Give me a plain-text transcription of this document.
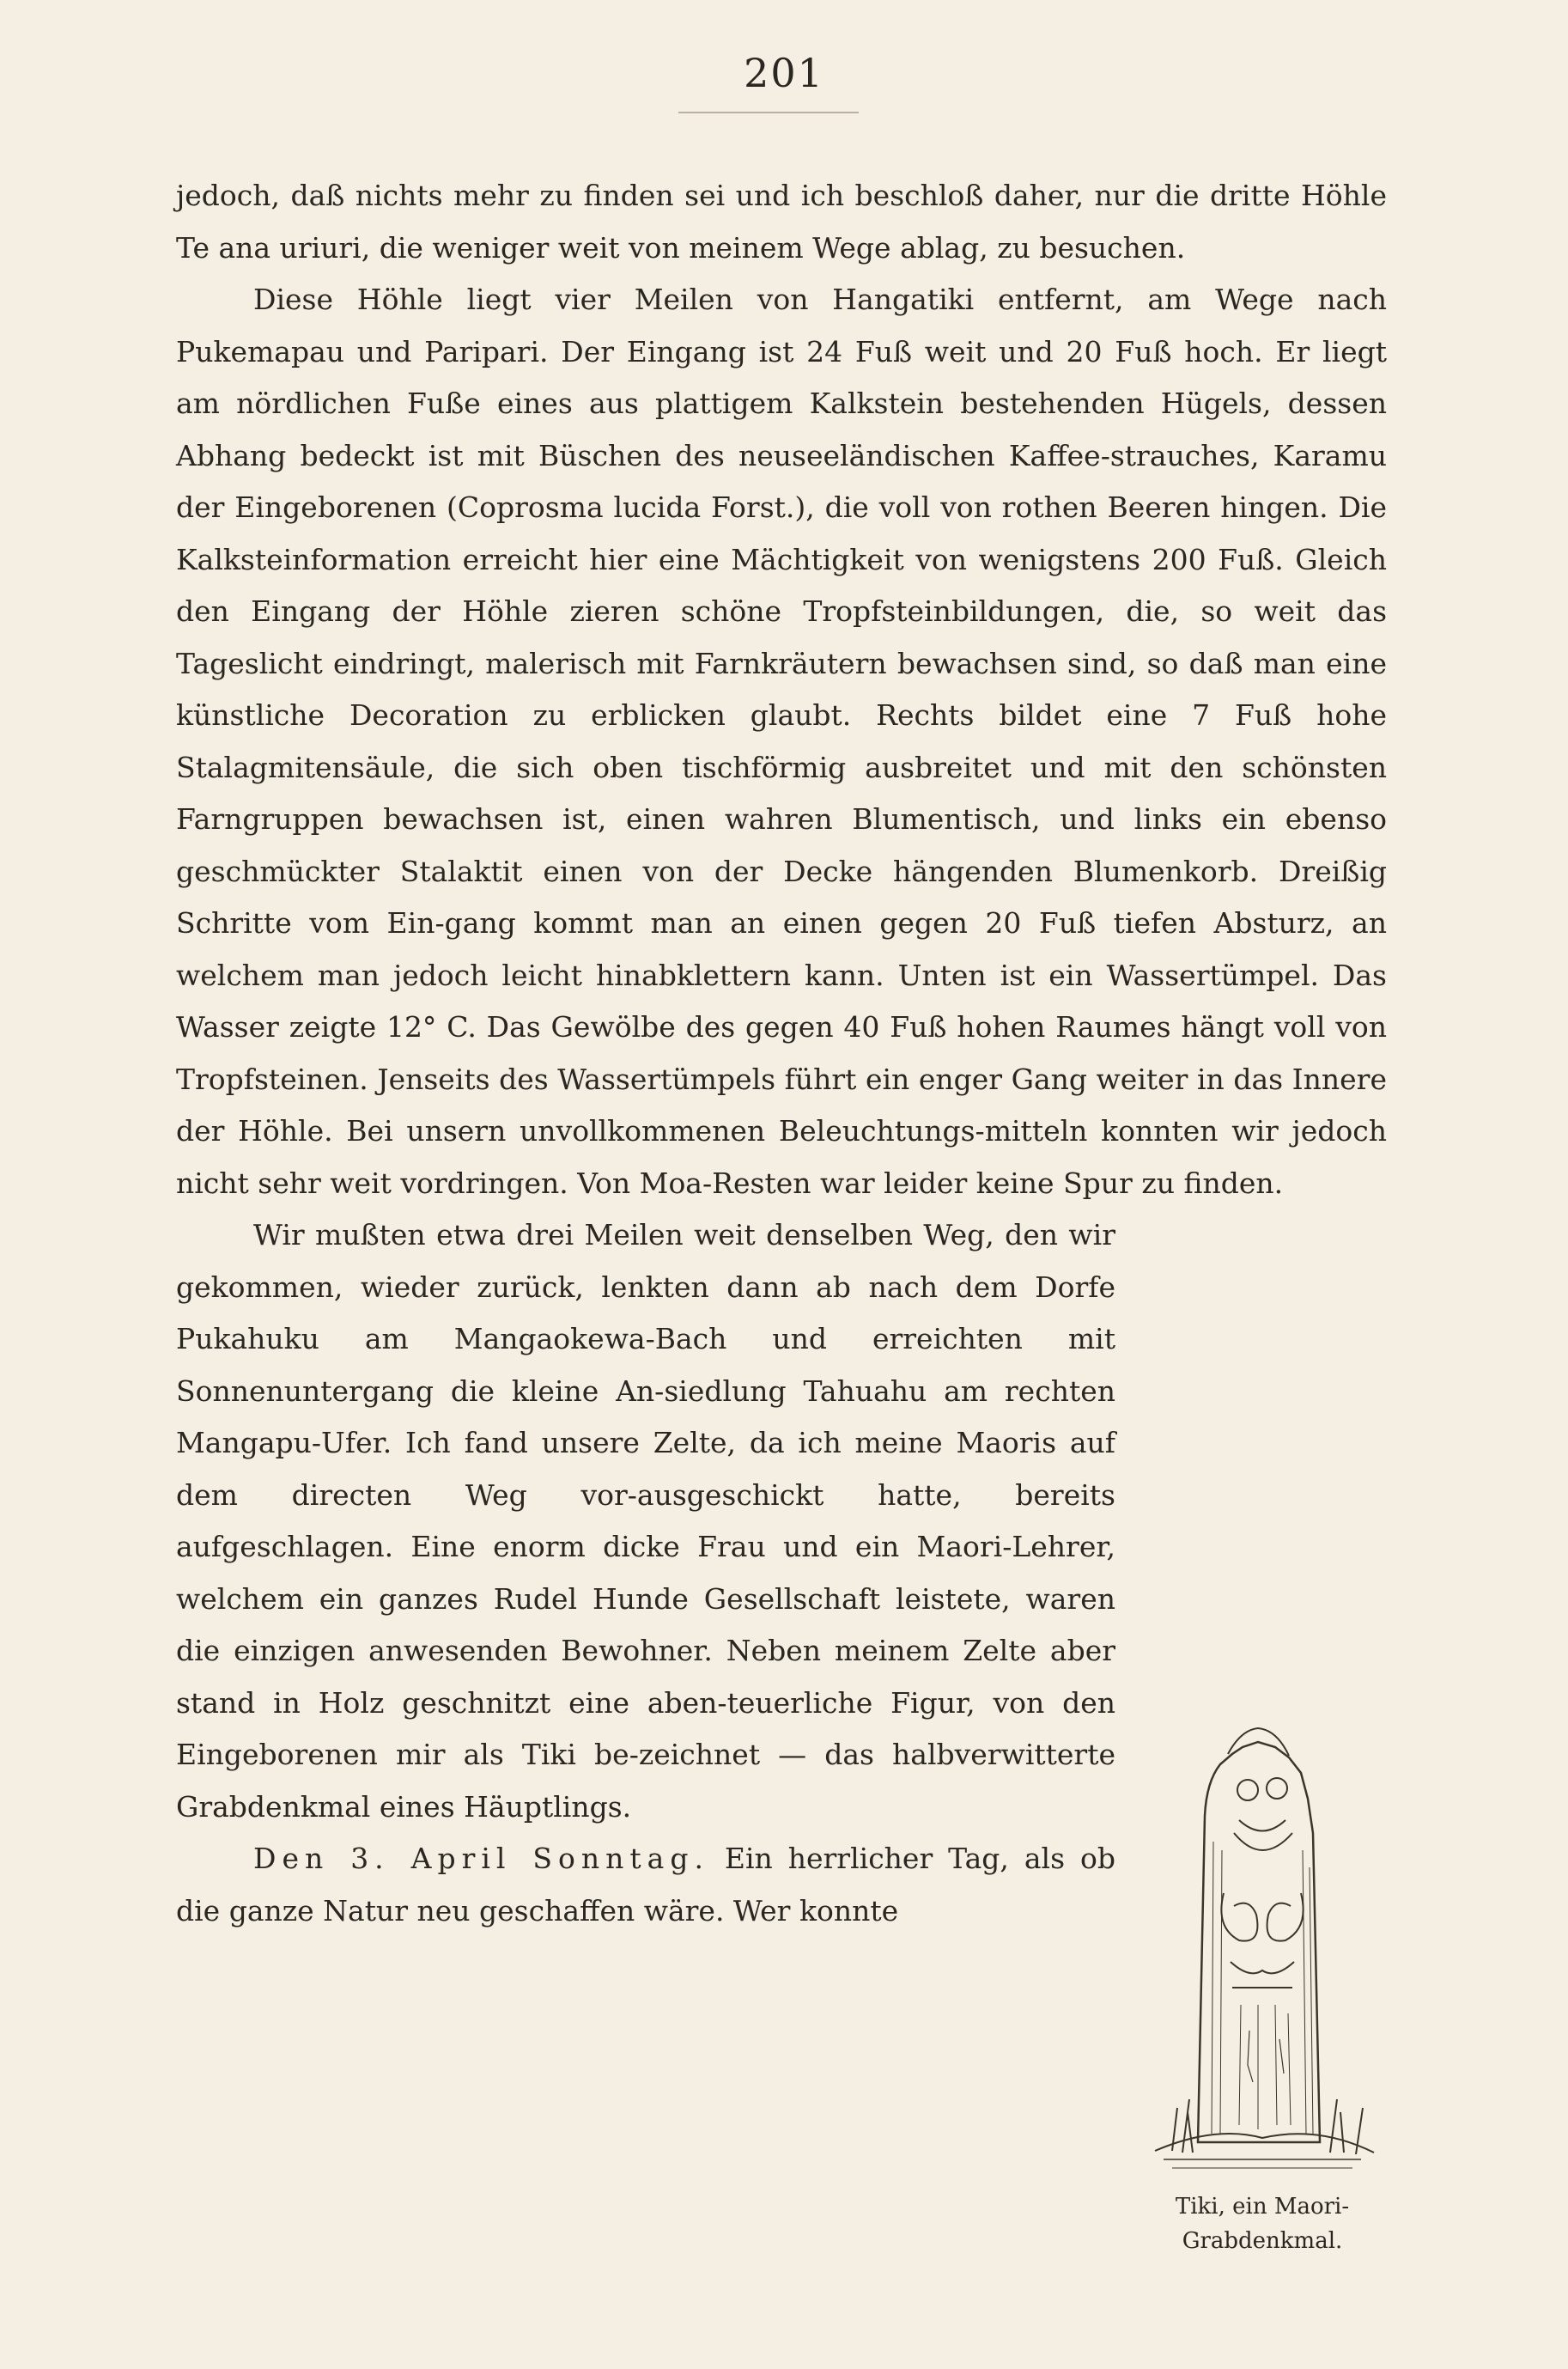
201

jedoch, daß nichts mehr zu finden sei und ich beschloß daher, nur die dritte Höhle Te ana uriuri, die weniger weit von meinem Wege ablag, zu besuchen.

Diese Höhle liegt vier Meilen von Hangatiki entfernt, am Wege nach Pukemapau und Paripari. Der Eingang ist 24 Fuß weit und 20 Fuß hoch. Er liegt am nördlichen Fuße eines aus plattigem Kalkstein bestehenden Hügels, dessen Abhang bedeckt ist mit Büschen des neuseeländischen Kaffee-strauches, Karamu der Eingeborenen (Coprosma lucida Forst.), die voll von rothen Beeren hingen. Die Kalksteinformation erreicht hier eine Mächtigkeit von wenigstens 200 Fuß. Gleich den Eingang der Höhle zieren schöne Tropfsteinbildungen, die, so weit das Tageslicht eindringt, malerisch mit Farnkräutern bewachsen sind, so daß man eine künstliche Decoration zu erblicken glaubt. Rechts bildet eine 7 Fuß hohe Stalagmitensäule, die sich oben tischförmig ausbreitet und mit den schönsten Farngruppen bewachsen ist, einen wahren Blumentisch, und links ein ebenso geschmückter Stalaktit einen von der Decke hängenden Blumenkorb. Dreißig Schritte vom Ein-gang kommt man an einen gegen 20 Fuß tiefen Absturz, an welchem man jedoch leicht hinabklettern kann. Unten ist ein Wassertümpel. Das Wasser zeigte 12° C. Das Gewölbe des gegen 40 Fuß hohen Raumes hängt voll von Tropfsteinen. Jenseits des Wassertümpels führt ein enger Gang weiter in das Innere der Höhle. Bei unsern unvollkommenen Beleuchtungs-mitteln konnten wir jedoch nicht sehr weit vordringen. Von Moa-Resten war leider keine Spur zu finden.

Tiki, ein Maori-
Grabdenkmal.

Wir mußten etwa drei Meilen weit denselben Weg, den wir gekommen, wieder zurück, lenkten dann ab nach dem Dorfe Pukahuku am Mangaokewa-Bach und erreichten mit Sonnenuntergang die kleine An-siedlung Tahuahu am rechten Mangapu-Ufer. Ich fand unsere Zelte, da ich meine Maoris auf dem directen Weg vor-ausgeschickt hatte, bereits aufgeschlagen. Eine enorm dicke Frau und ein Maori-Lehrer, welchem ein ganzes Rudel Hunde Gesellschaft leistete, waren die einzigen anwesenden Bewohner. Neben meinem Zelte aber stand in Holz geschnitzt eine aben-teuerliche Figur, von den Eingeborenen mir als Tiki be-zeichnet — das halbverwitterte Grabdenkmal eines Häuptlings.

Den 3. April Sonntag. Ein herrlicher Tag, als ob die ganze Natur neu geschaffen wäre. Wer konnte
